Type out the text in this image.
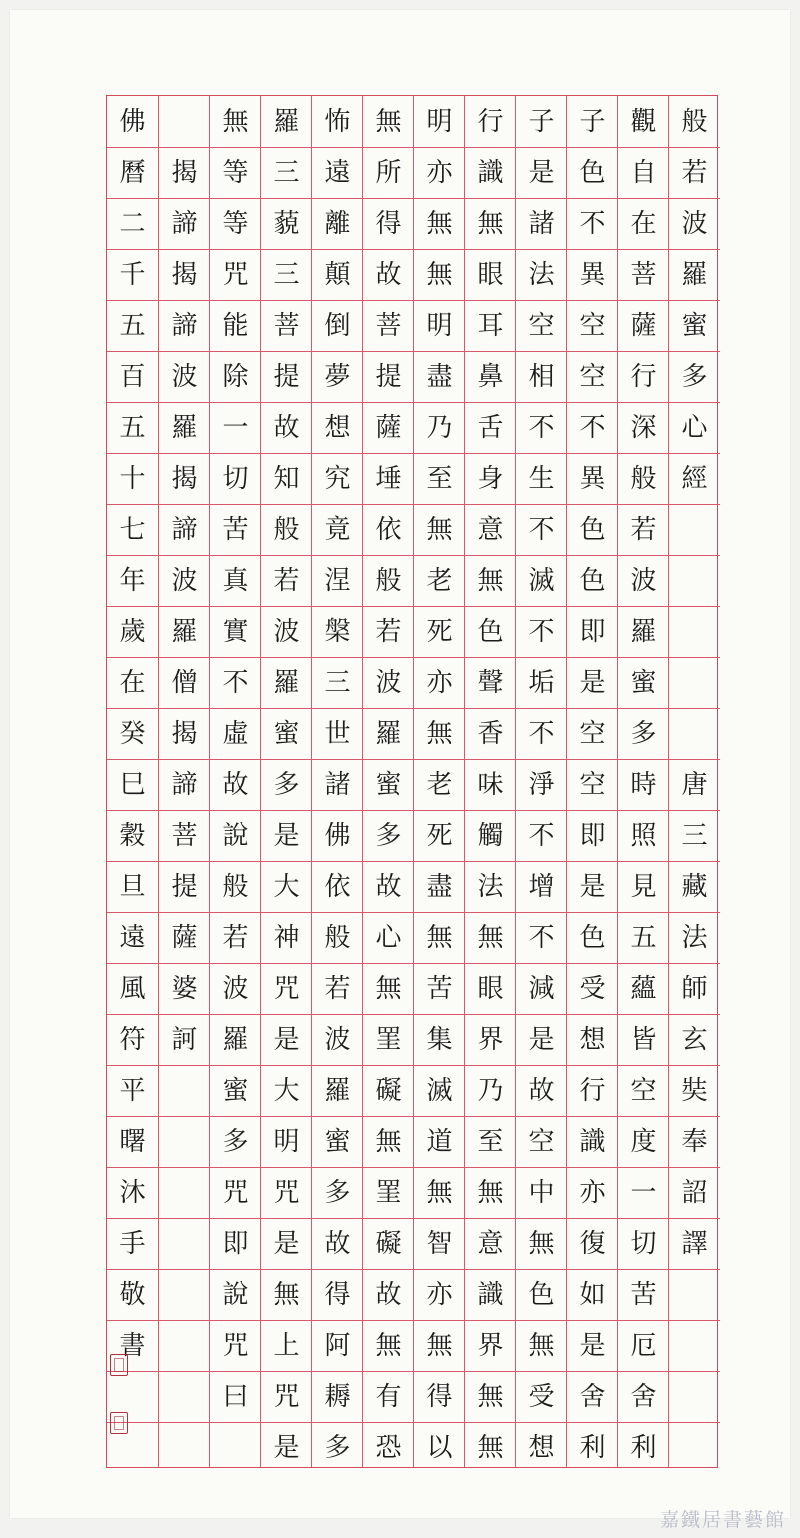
般
若
波
羅
蜜
多
心
經
唐
三
藏
法
師
玄
奘
奉
詔
譯
觀
自
在
菩
薩
行
深
般
若
波
羅
蜜
多
時
照
見
五
蘊
皆
空
度
一
切
苦
厄
舍
利
子
色
不
異
空
空
不
異
色
色
即
是
空
空
即
是
色
受
想
行
識
亦
復
如
是
舍
利
子
是
諸
法
空
相
不
生
不
滅
不
垢
不
淨
不
增
不
減
是
故
空
中
無
色
無
受
想
行
識
無
眼
耳
鼻
舌
身
意
無
色
聲
香
味
觸
法
無
眼
界
乃
至
無
意
識
界
無
無
明
亦
無
無
明
盡
乃
至
無
老
死
亦
無
老
死
盡
無
苦
集
滅
道
無
智
亦
無
得
以
無
所
得
故
菩
提
薩
埵
依
般
若
波
羅
蜜
多
故
心
無
罣
礙
無
罣
礙
故
無
有
恐
怖
遠
離
顛
倒
夢
想
究
竟
涅
槃
三
世
諸
佛
依
般
若
波
羅
蜜
多
故
得
阿
耨
多
羅
三
藐
三
菩
提
故
知
般
若
波
羅
蜜
多
是
大
神
咒
是
大
明
咒
是
無
上
咒
是
無
等
等
咒
能
除
一
切
苦
真
實
不
虛
故
說
般
若
波
羅
蜜
多
咒
即
說
咒
曰
揭
諦
揭
諦
波
羅
揭
諦
波
羅
僧
揭
諦
菩
提
薩
婆
訶
佛
曆
二
千
五
百
五
十
七
年
歲
在
癸
巳
穀
旦
遠
風
符
平
曙
沐
手
敬
書
嘉鐵居書藝館
